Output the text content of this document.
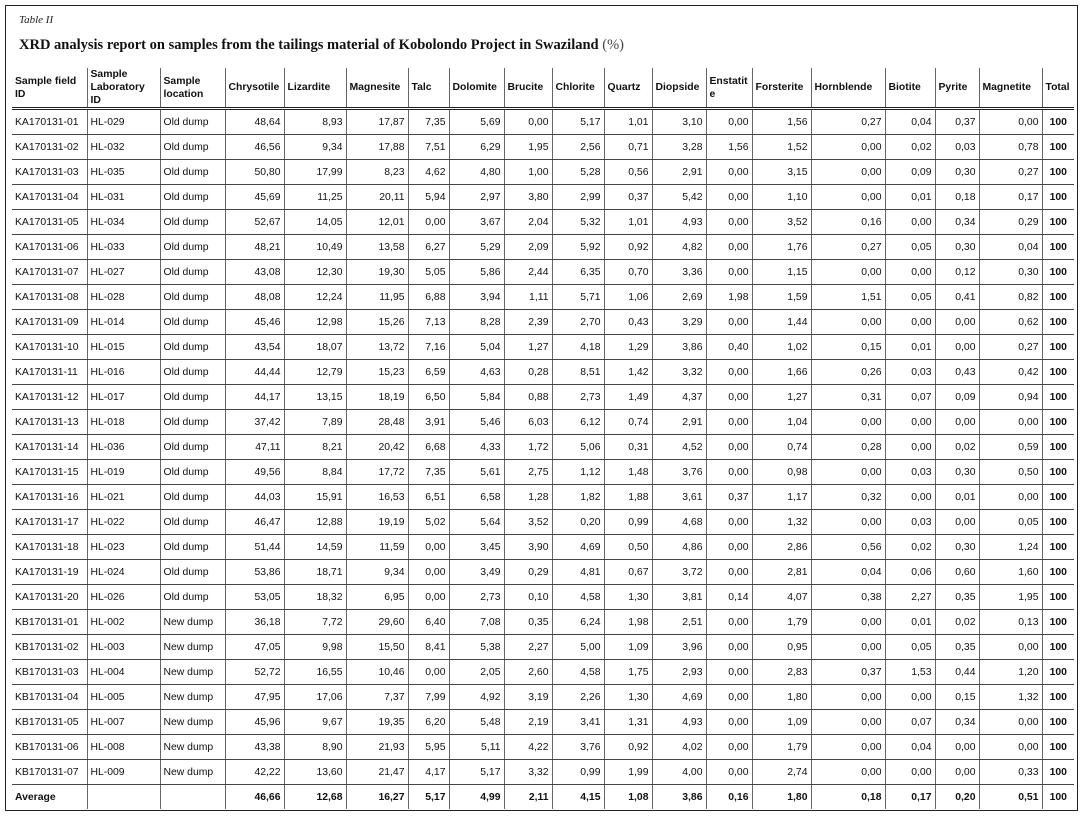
Table II
XRD analysis report on samples from the tailings material of Kobolondo Project in Swaziland (%)
Sample field ID	Sample Laboratory ID	Sample location	Chrysotile	Lizardite	Magnesite	Talc	Dolomite	Brucite	Chlorite	Quartz	Diopside	Enstatite	Forsterite	Hornblende	Biotite	Pyrite	Magnetite	Total
KA170131-01	HL-029	Old dump	48,64	8,93	17,87	7,35	5,69	0,00	5,17	1,01	3,10	0,00	1,56	0,27	0,04	0,37	0,00	100
KA170131-02	HL-032	Old dump	46,56	9,34	17,88	7,51	6,29	1,95	2,56	0,71	3,28	1,56	1,52	0,00	0,02	0,03	0,78	100
KA170131-03	HL-035	Old dump	50,80	17,99	8,23	4,62	4,80	1,00	5,28	0,56	2,91	0,00	3,15	0,00	0,09	0,30	0,27	100
KA170131-04	HL-031	Old dump	45,69	11,25	20,11	5,94	2,97	3,80	2,99	0,37	5,42	0,00	1,10	0,00	0,01	0,18	0,17	100
KA170131-05	HL-034	Old dump	52,67	14,05	12,01	0,00	3,67	2,04	5,32	1,01	4,93	0,00	3,52	0,16	0,00	0,34	0,29	100
KA170131-06	HL-033	Old dump	48,21	10,49	13,58	6,27	5,29	2,09	5,92	0,92	4,82	0,00	1,76	0,27	0,05	0,30	0,04	100
KA170131-07	HL-027	Old dump	43,08	12,30	19,30	5,05	5,86	2,44	6,35	0,70	3,36	0,00	1,15	0,00	0,00	0,12	0,30	100
KA170131-08	HL-028	Old dump	48,08	12,24	11,95	6,88	3,94	1,11	5,71	1,06	2,69	1,98	1,59	1,51	0,05	0,41	0,82	100
KA170131-09	HL-014	Old dump	45,46	12,98	15,26	7,13	8,28	2,39	2,70	0,43	3,29	0,00	1,44	0,00	0,00	0,00	0,62	100
KA170131-10	HL-015	Old dump	43,54	18,07	13,72	7,16	5,04	1,27	4,18	1,29	3,86	0,40	1,02	0,15	0,01	0,00	0,27	100
KA170131-11	HL-016	Old dump	44,44	12,79	15,23	6,59	4,63	0,28	8,51	1,42	3,32	0,00	1,66	0,26	0,03	0,43	0,42	100
KA170131-12	HL-017	Old dump	44,17	13,15	18,19	6,50	5,84	0,88	2,73	1,49	4,37	0,00	1,27	0,31	0,07	0,09	0,94	100
KA170131-13	HL-018	Old dump	37,42	7,89	28,48	3,91	5,46	6,03	6,12	0,74	2,91	0,00	1,04	0,00	0,00	0,00	0,00	100
KA170131-14	HL-036	Old dump	47,11	8,21	20,42	6,68	4,33	1,72	5,06	0,31	4,52	0,00	0,74	0,28	0,00	0,02	0,59	100
KA170131-15	HL-019	Old dump	49,56	8,84	17,72	7,35	5,61	2,75	1,12	1,48	3,76	0,00	0,98	0,00	0,03	0,30	0,50	100
KA170131-16	HL-021	Old dump	44,03	15,91	16,53	6,51	6,58	1,28	1,82	1,88	3,61	0,37	1,17	0,32	0,00	0,01	0,00	100
KA170131-17	HL-022	Old dump	46,47	12,88	19,19	5,02	5,64	3,52	0,20	0,99	4,68	0,00	1,32	0,00	0,03	0,00	0,05	100
KA170131-18	HL-023	Old dump	51,44	14,59	11,59	0,00	3,45	3,90	4,69	0,50	4,86	0,00	2,86	0,56	0,02	0,30	1,24	100
KA170131-19	HL-024	Old dump	53,86	18,71	9,34	0,00	3,49	0,29	4,81	0,67	3,72	0,00	2,81	0,04	0,06	0,60	1,60	100
KA170131-20	HL-026	Old dump	53,05	18,32	6,95	0,00	2,73	0,10	4,58	1,30	3,81	0,14	4,07	0,38	2,27	0,35	1,95	100
KB170131-01	HL-002	New dump	36,18	7,72	29,60	6,40	7,08	0,35	6,24	1,98	2,51	0,00	1,79	0,00	0,01	0,02	0,13	100
KB170131-02	HL-003	New dump	47,05	9,98	15,50	8,41	5,38	2,27	5,00	1,09	3,96	0,00	0,95	0,00	0,05	0,35	0,00	100
KB170131-03	HL-004	New dump	52,72	16,55	10,46	0,00	2,05	2,60	4,58	1,75	2,93	0,00	2,83	0,37	1,53	0,44	1,20	100
KB170131-04	HL-005	New dump	47,95	17,06	7,37	7,99	4,92	3,19	2,26	1,30	4,69	0,00	1,80	0,00	0,00	0,15	1,32	100
KB170131-05	HL-007	New dump	45,96	9,67	19,35	6,20	5,48	2,19	3,41	1,31	4,93	0,00	1,09	0,00	0,07	0,34	0,00	100
KB170131-06	HL-008	New dump	43,38	8,90	21,93	5,95	5,11	4,22	3,76	0,92	4,02	0,00	1,79	0,00	0,04	0,00	0,00	100
KB170131-07	HL-009	New dump	42,22	13,60	21,47	4,17	5,17	3,32	0,99	1,99	4,00	0,00	2,74	0,00	0,00	0,00	0,33	100
Average			46,66	12,68	16,27	5,17	4,99	2,11	4,15	1,08	3,86	0,16	1,80	0,18	0,17	0,20	0,51	100
